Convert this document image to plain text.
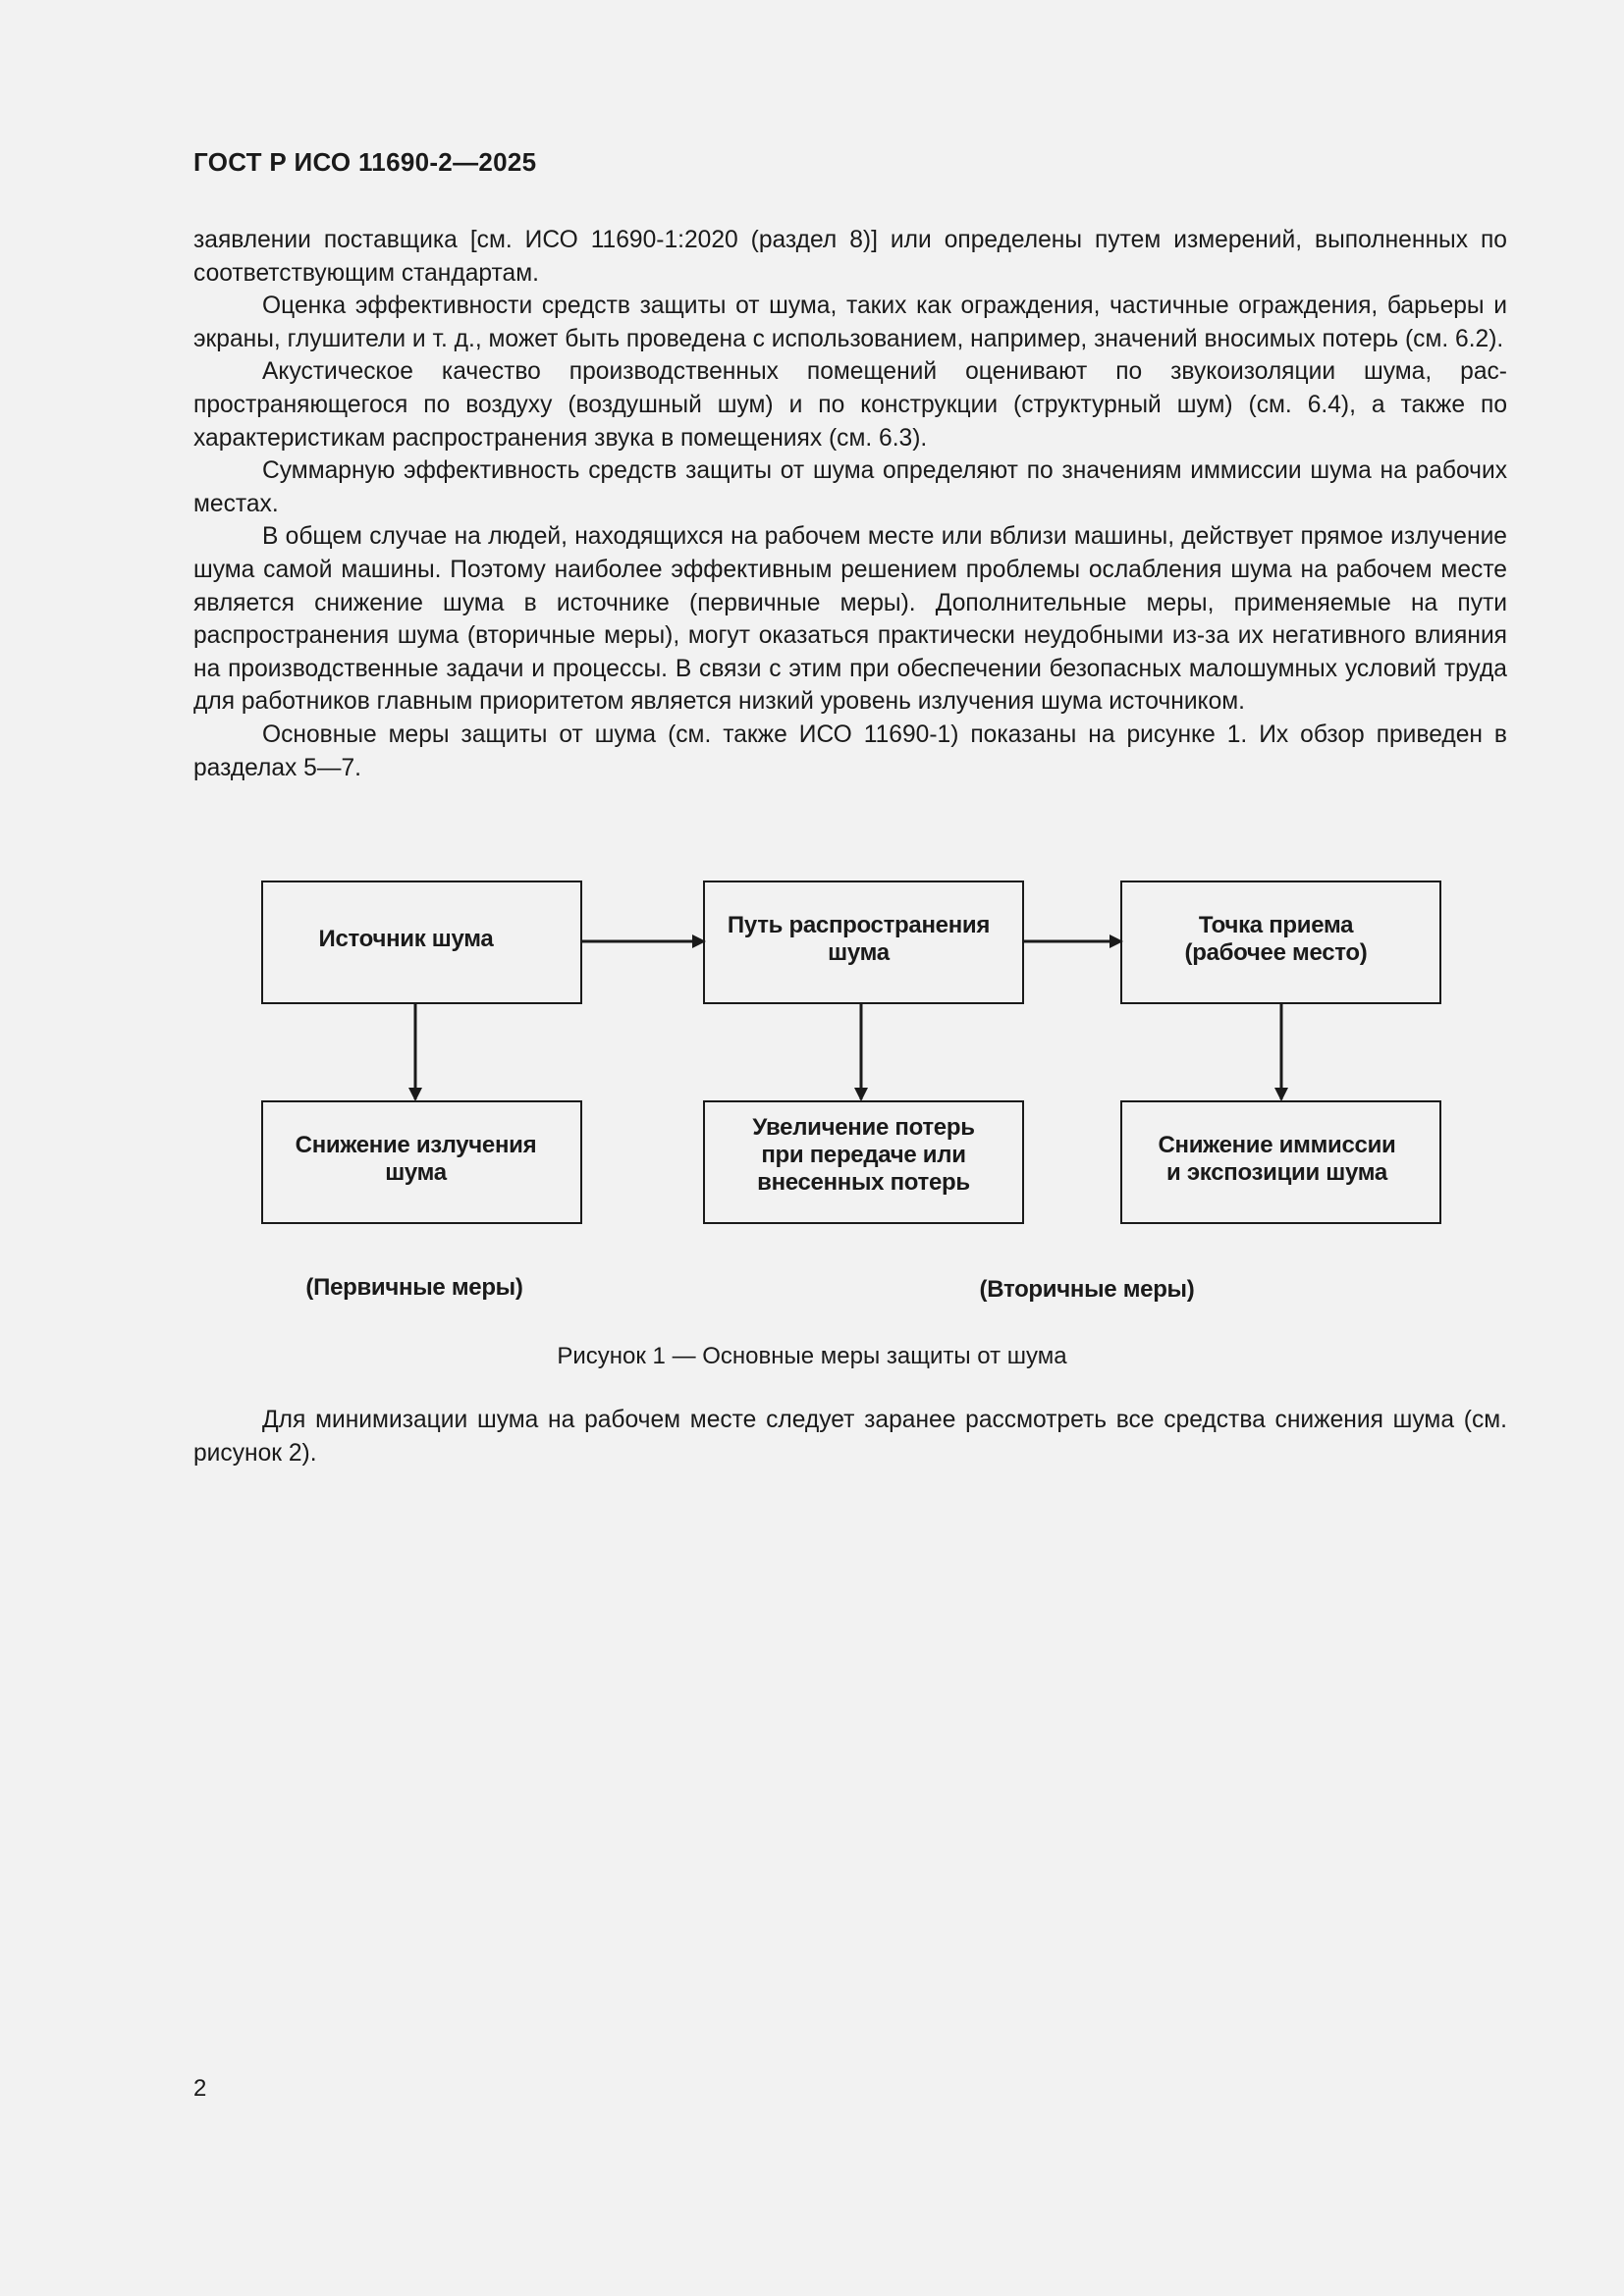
ГОСТ Р ИСО 11690-2—2025

заявлении поставщика [см. ИСО 11690-1:2020 (раздел 8)] или определены путем измерений, выполненных по соответствующим стандартам.

Оценка эффективности средств защиты от шума, таких как ограждения, частичные ограждения, барьеры и экраны, глушители и т. д., может быть проведена с использованием, например, значений вносимых потерь (см. 6.2).

Акустическое качество производственных помещений оценивают по звукоизоляции шума, распространяющегося по воздуху (воздушный шум) и по конструкции (структурный шум) (см. 6.4), а также по характеристикам распространения звука в помещениях (см. 6.3).

Суммарную эффективность средств защиты от шума определяют по значениям иммиссии шума на рабочих местах.

В общем случае на людей, находящихся на рабочем месте или вблизи машины, действует прямое излучение шума самой машины. Поэтому наиболее эффективным решением проблемы ослабления шума на рабочем месте является снижение шума в источнике (первичные меры). Дополнительные меры, применяемые на пути распространения шума (вторичные меры), могут оказаться практически неудобными из-за их негативного влияния на производственные задачи и процессы. В связи с этим при обеспечении безопасных малошумных условий труда для работников главным приоритетом является низкий уровень излучения шума источником.

Основные меры защиты от шума (см. также ИСО 11690-1) показаны на рисунке 1. Их обзор приведен в разделах 5—7.

Источник шума
Путь распространения
шума
Точка приема
(рабочее место)
Снижение излучения
шума
Увеличение потерь
при передаче или
внесенных потерь
Снижение иммиссии
и экспозиции шума
(Первичные меры)	(Вторичные меры)
Рисунок 1 — Основные меры защиты от шума

Для минимизации шума на рабочем месте следует заранее рассмотреть все средства снижения шума (см. рисунок 2).

2
